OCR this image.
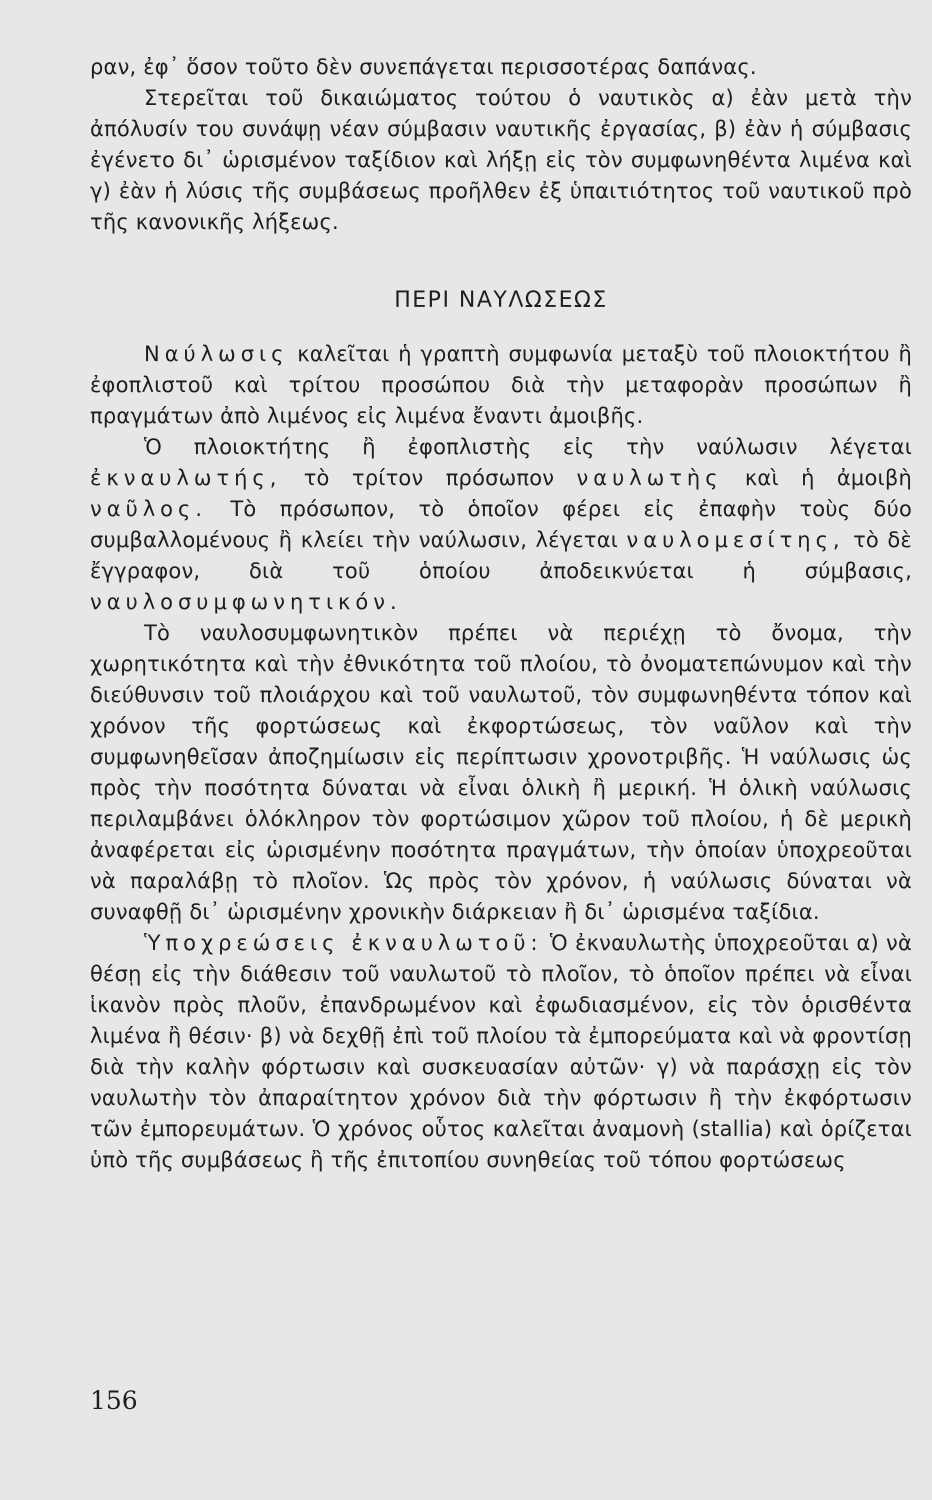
ραν, ἐφ᾽ ὅσον τοῦτο δὲν συνεπάγεται περισσοτέρας δαπάνας.

Στερεῖται τοῦ δικαιώματος τούτου ὁ ναυτικὸς α) ἐὰν μετὰ τὴν ἀπόλυσίν του συνάψῃ νέαν σύμβασιν ναυτικῆς ἐργασίας, β) ἐὰν ἡ σύμβασις ἐγένετο δι᾽ ὡρισμένον ταξίδιον καὶ λήξῃ εἰς τὸν συμφωνηθέντα λιμένα καὶ γ) ἐὰν ἡ λύσις τῆς συμβάσεως προῆλθεν ἐξ ὑπαιτιότητος τοῦ ναυτικοῦ πρὸ τῆς κανονικῆς λήξεως.

ΠΕΡΙ ΝΑΥΛΩΣΕΩΣ

Ναύλωσις καλεῖται ἡ γραπτὴ συμφωνία μεταξὺ τοῦ πλοιοκτήτου ἢ ἐφοπλιστοῦ καὶ τρίτου προσώπου διὰ τὴν μεταφορὰν προσώπων ἢ πραγμάτων ἀπὸ λιμένος εἰς λιμένα ἔναντι ἀμοιβῆς.

Ὁ πλοιοκτήτης ἢ ἐφοπλιστὴς εἰς τὴν ναύλωσιν λέγεται ἐκναυλωτής, τὸ τρίτον πρόσωπον ναυλωτὴς καὶ ἡ ἀμοιβὴ ναῦλος. Τὸ πρόσωπον, τὸ ὁποῖον φέρει εἰς ἐπαφὴν τοὺς δύο συμβαλλομένους ἢ κλείει τὴν ναύλωσιν, λέγεται ναυλομεσίτης, τὸ δὲ ἔγγραφον, διὰ τοῦ ὁποίου ἀποδεικνύεται ἡ σύμβασις, ναυλοσυμφωνητικόν.

Τὸ ναυλοσυμφωνητικὸν πρέπει νὰ περιέχῃ τὸ ὄνομα, τὴν χωρητικότητα καὶ τὴν ἐθνικότητα τοῦ πλοίου, τὸ ὀνοματεπώνυμον καὶ τὴν διεύθυνσιν τοῦ πλοιάρχου καὶ τοῦ ναυλωτοῦ, τὸν συμφωνηθέντα τόπον καὶ χρόνον τῆς φορτώσεως καὶ ἐκφορτώσεως, τὸν ναῦλον καὶ τὴν συμφωνηθεῖσαν ἀποζημίωσιν εἰς περίπτωσιν χρονοτριβῆς. Ἡ ναύλωσις ὡς πρὸς τὴν ποσότητα δύναται νὰ εἶναι ὁλικὴ ἢ μερική. Ἡ ὁλικὴ ναύλωσις περιλαμβάνει ὁλόκληρον τὸν φορτώσιμον χῶρον τοῦ πλοίου, ἡ δὲ μερικὴ ἀναφέρεται εἰς ὡρισμένην ποσότητα πραγμάτων, τὴν ὁποίαν ὑποχρεοῦται νὰ παραλάβῃ τὸ πλοῖον. Ὡς πρὸς τὸν χρόνον, ἡ ναύλωσις δύναται νὰ συναφθῇ δι᾽ ὡρισμένην χρονικὴν διάρκειαν ἢ δι᾽ ὡρισμένα ταξίδια.

Ὑποχρεώσεις ἐκναυλωτοῦ: Ὁ ἐκναυλωτὴς ὑποχρεοῦται α) νὰ θέσῃ εἰς τὴν διάθεσιν τοῦ ναυλωτοῦ τὸ πλοῖον, τὸ ὁποῖον πρέπει νὰ εἶναι ἱκανὸν πρὸς πλοῦν, ἐπανδρωμένον καὶ ἐφωδιασμένον, εἰς τὸν ὁρισθέντα λιμένα ἢ θέσιν· β) νὰ δεχθῇ ἐπὶ τοῦ πλοίου τὰ ἐμπορεύματα καὶ νὰ φροντίσῃ διὰ τὴν καλὴν φόρτωσιν καὶ συσκευασίαν αὐτῶν· γ) νὰ παράσχῃ εἰς τὸν ναυλωτὴν τὸν ἀπαραίτητον χρόνον διὰ τὴν φόρτωσιν ἢ τὴν ἐκφόρτωσιν τῶν ἐμπορευμάτων. Ὁ χρόνος οὗτος καλεῖται ἀναμονὴ (stallia) καὶ ὁρίζεται ὑπὸ τῆς συμβάσεως ἢ τῆς ἐπιτοπίου συνηθείας τοῦ τόπου φορτώσεως

156
